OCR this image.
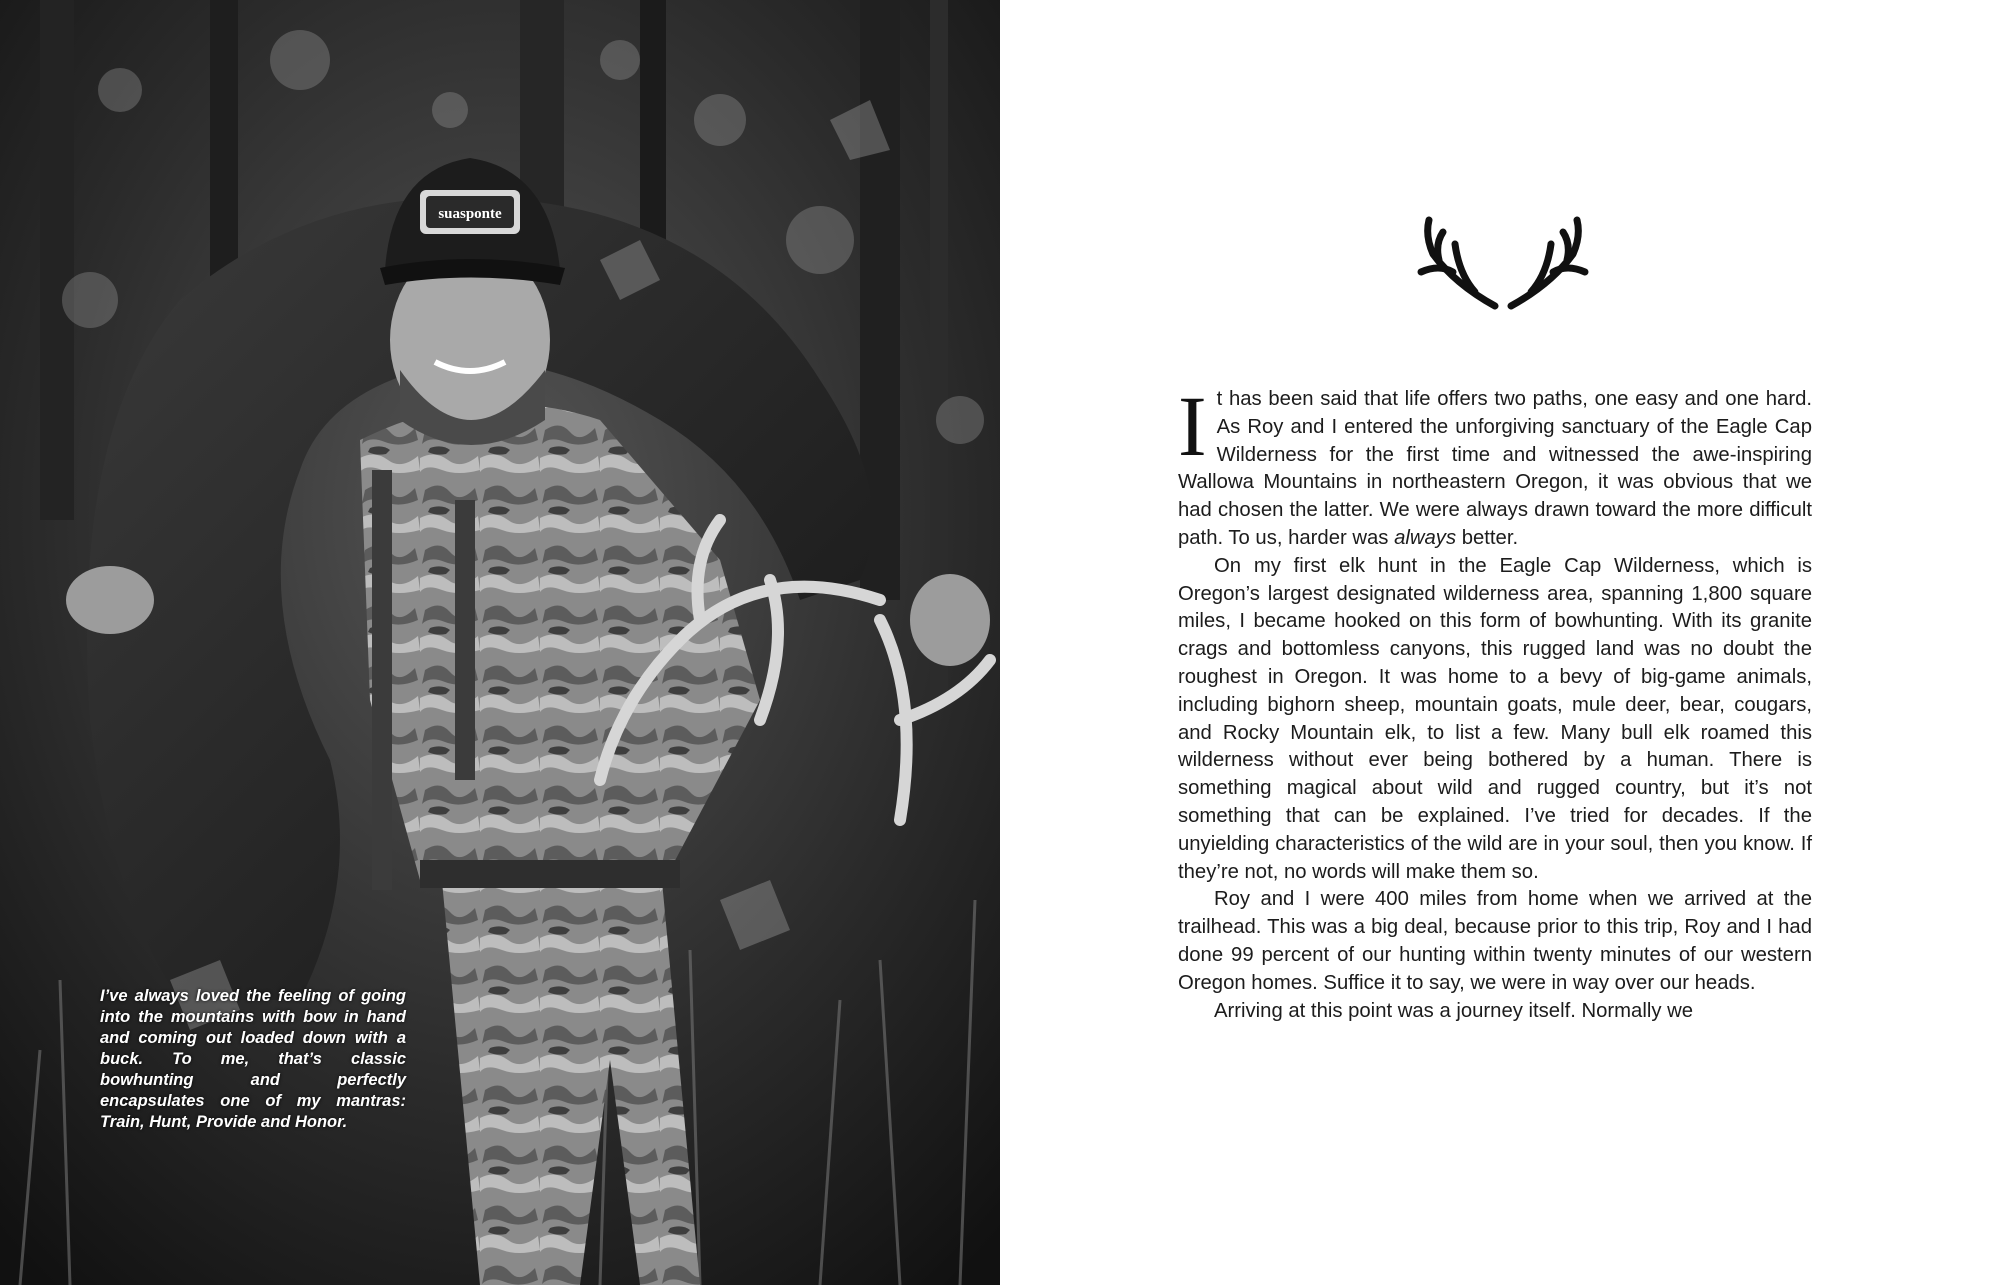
suasponte
I’ve always loved the feeling of going into the mountains with bow in hand and coming out loaded down with a buck. To me, that’s classic bowhunting and perfectly encapsulates one of my mantras: Train, Hunt, Provide and Honor.

It has been said that life offers two paths, one easy and one hard. As Roy and I entered the unforgiving sanctuary of the Eagle Cap Wilderness for the first time and witnessed the awe-inspiring Wallowa Mountains in northeastern Oregon, it was obvious that we had chosen the latter. We were always drawn toward the more difficult path. To us, harder was always better.

On my first elk hunt in the Eagle Cap Wilderness, which is Oregon’s largest designated wilderness area, spanning 1,800 square miles, I became hooked on this form of bowhunting. With its granite crags and bottomless canyons, this rugged land was no doubt the roughest in Oregon. It was home to a bevy of big-game animals, including bighorn sheep, mountain goats, mule deer, bear, cougars, and Rocky Mountain elk, to list a few. Many bull elk roamed this wilderness without ever being bothered by a human. There is something magical about wild and rugged country, but it’s not something that can be explained. I’ve tried for decades. If the unyielding characteristics of the wild are in your soul, then you know. If they’re not, no words will make them so.

Roy and I were 400 miles from home when we arrived at the trailhead. This was a big deal, because prior to this trip, Roy and I had done 99 percent of our hunting within twenty minutes of our western Oregon homes. Suffice it to say, we were in way over our heads.

Arriving at this point was a journey itself. Normally we
